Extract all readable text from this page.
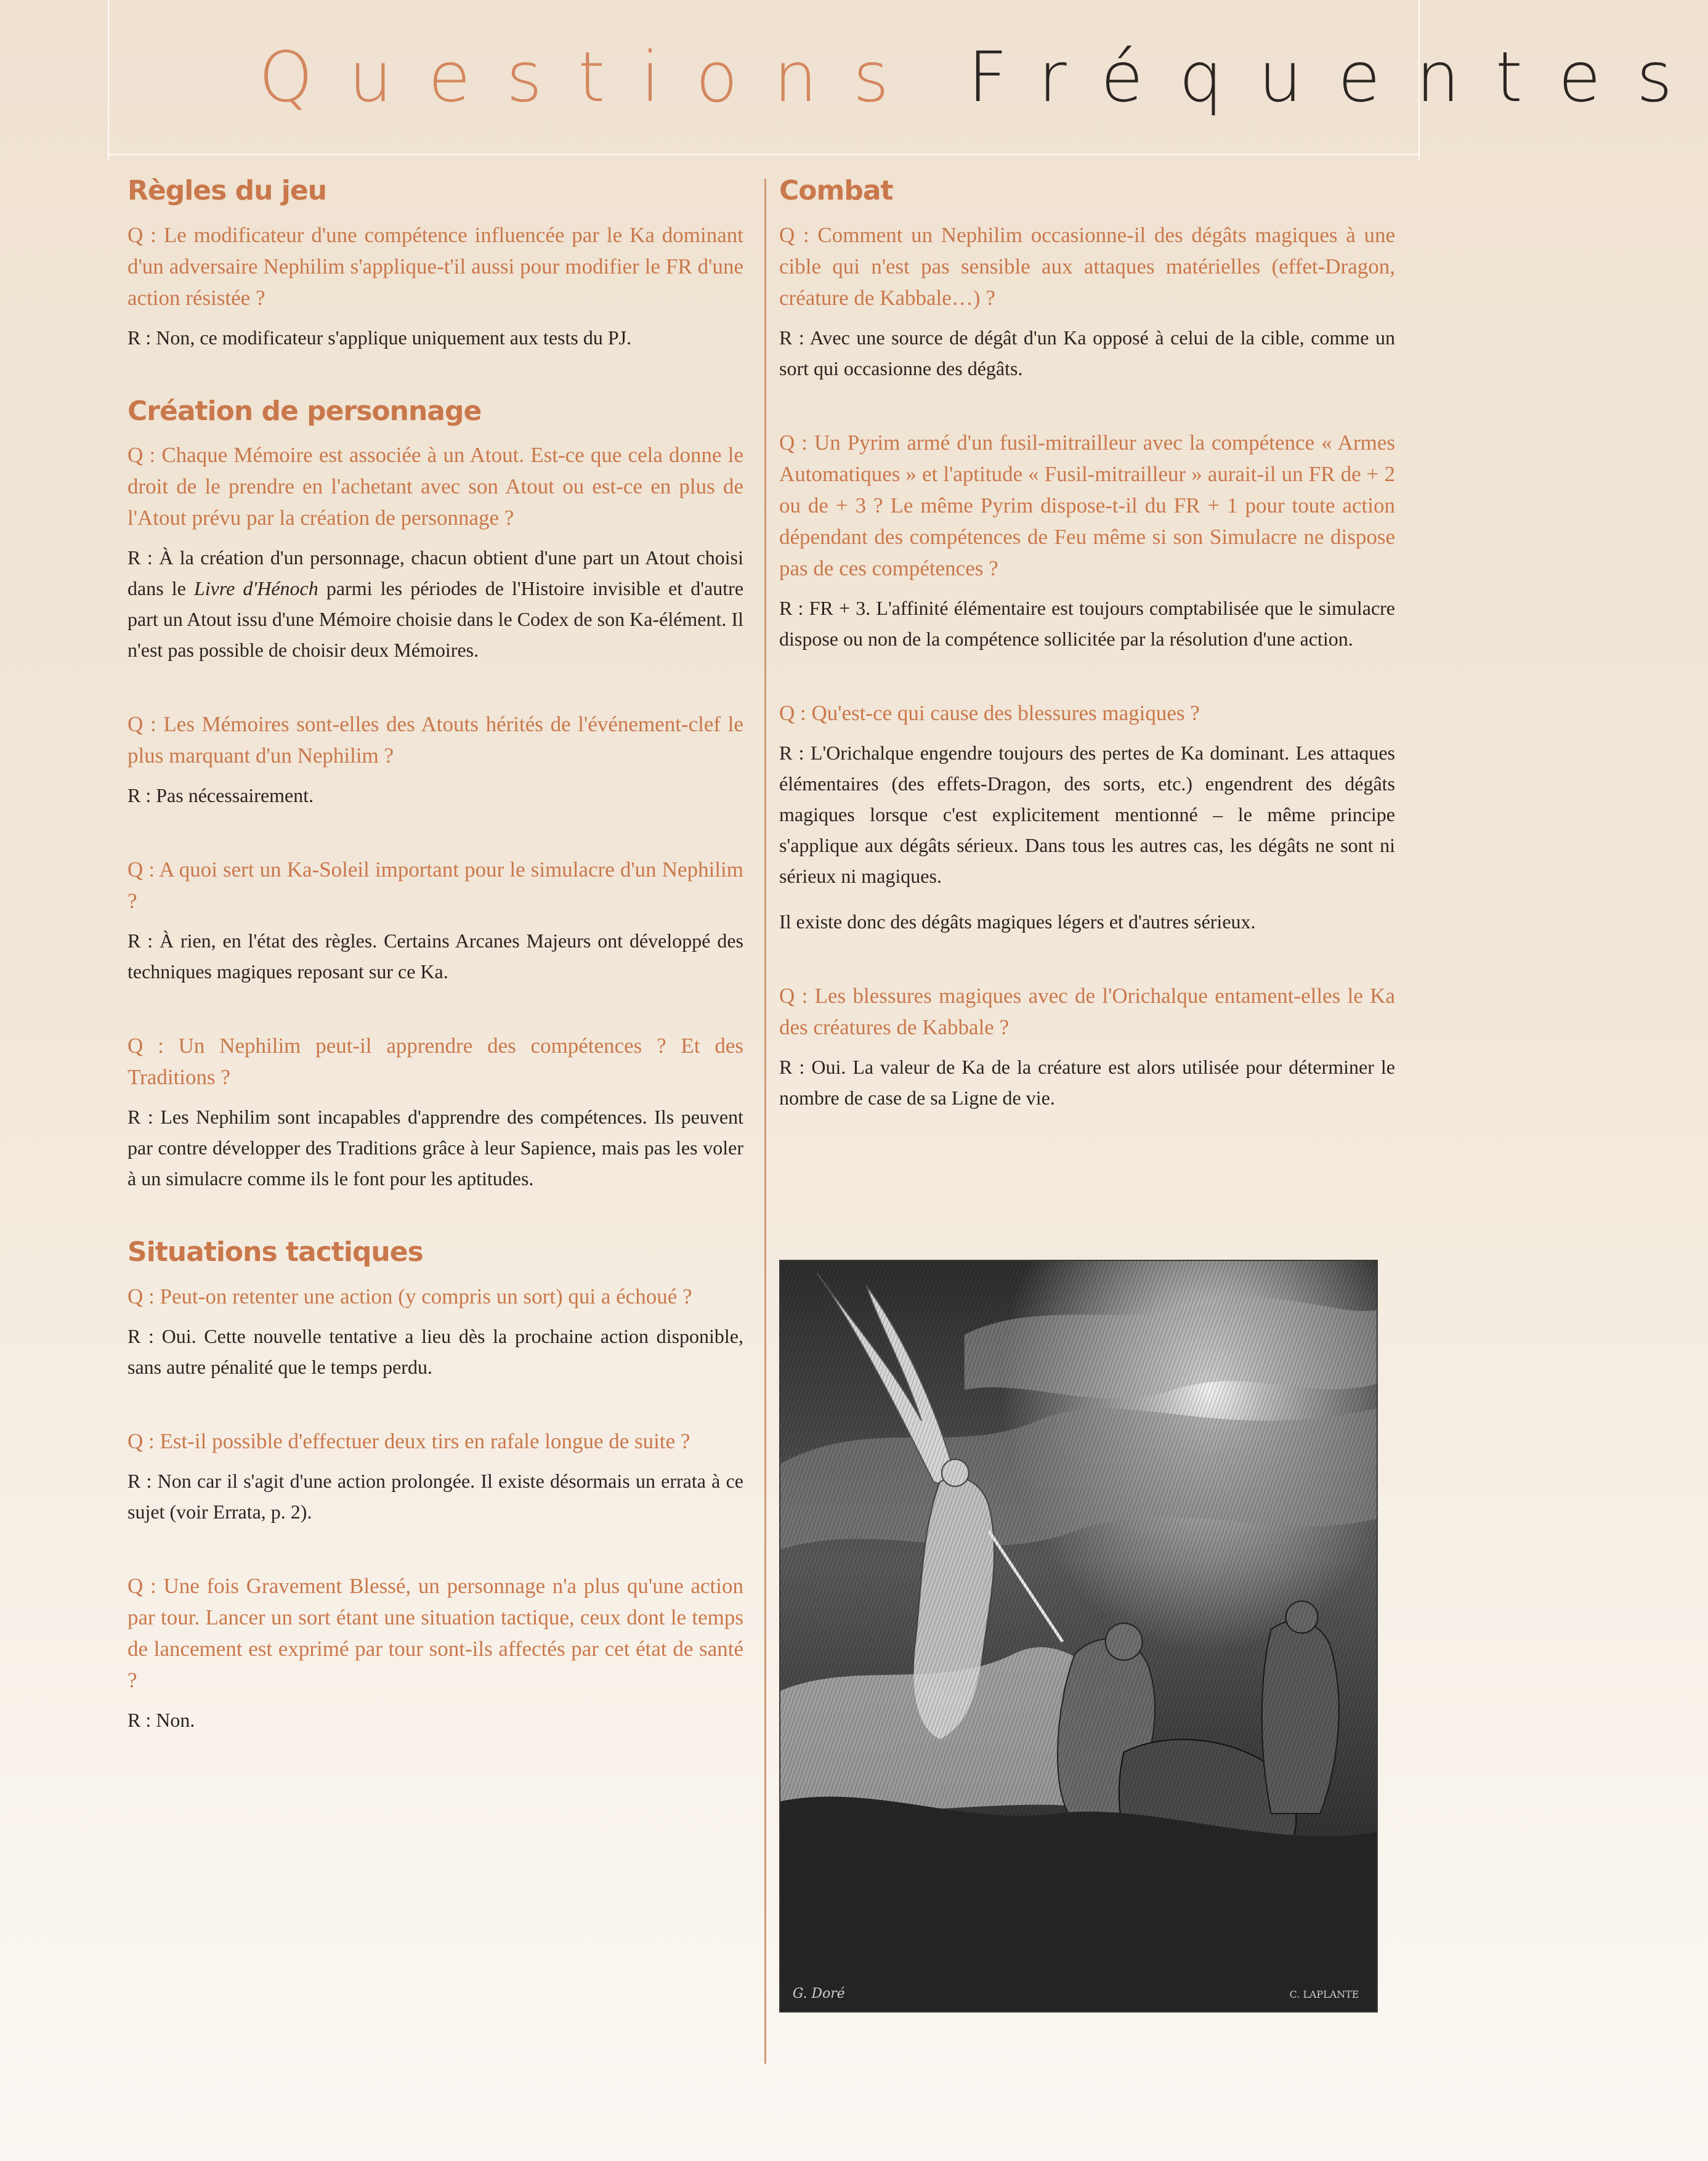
Questions Fréquentes
Règles du jeu

Q : Le modificateur d'une compétence influencée par le Ka dominant d'un adversaire Nephilim s'applique-t'il aussi pour modifier le FR d'une action résistée ?

R : Non, ce modificateur s'applique uniquement aux tests du PJ.

Création de personnage

Q : Chaque Mémoire est associée à un Atout. Est-ce que cela donne le droit de le prendre en l'achetant avec son Atout ou est-ce en plus de l'Atout prévu par la création de personnage ?

R : À la création d'un personnage, chacun obtient d'une part un Atout choisi dans le Livre d'Hénoch parmi les périodes de l'Histoire invisible et d'autre part un Atout issu d'une Mémoire choisie dans le Codex de son Ka-élément. Il n'est pas possible de choisir deux Mémoires.

Q : Les Mémoires sont-elles des Atouts hérités de l'événement-clef le plus marquant d'un Nephilim ?

R : Pas nécessairement.

Q : A quoi sert un Ka-Soleil important pour le simulacre d'un Nephilim ?

R : À rien, en l'état des règles. Certains Arcanes Majeurs ont développé des techniques magiques reposant sur ce Ka.

Q : Un Nephilim peut-il apprendre des compétences ? Et des Traditions ?

R : Les Nephilim sont incapables d'apprendre des compétences. Ils peuvent par contre développer des Traditions grâce à leur Sapience, mais pas les voler à un simulacre comme ils le font pour les aptitudes.

Situations tactiques

Q : Peut-on retenter une action (y compris un sort) qui a échoué ?

R : Oui. Cette nouvelle tentative a lieu dès la prochaine action disponible, sans autre pénalité que le temps perdu.

Q : Est-il possible d'effectuer deux tirs en rafale longue de suite ?

R : Non car il s'agit d'une action prolongée. Il existe désormais un errata à ce sujet (voir Errata, p. 2).

Q : Une fois Gravement Blessé, un personnage n'a plus qu'une action par tour. Lancer un sort étant une situation tactique, ceux dont le temps de lancement est exprimé par tour sont-ils affectés par cet état de santé ?

R : Non.

Combat

Q : Comment un Nephilim occasionne-il des dégâts magiques à une cible qui n'est pas sensible aux attaques matérielles (effet-Dragon, créature de Kabbale…) ?

R : Avec une source de dégât d'un Ka opposé à celui de la cible, comme un sort qui occasionne des dégâts.

Q : Un Pyrim armé d'un fusil-mitrailleur avec la compétence « Armes Automatiques » et l'aptitude « Fusil-mitrailleur » aurait-il un FR de + 2 ou de + 3 ? Le même Pyrim dispose-t-il du FR + 1 pour toute action dépendant des compétences de Feu même si son Simulacre ne dispose pas de ces compétences ?

R : FR + 3. L'affinité élémentaire est toujours comptabilisée que le simulacre dispose ou non de la compétence sollicitée par la résolution d'une action.

Q : Qu'est-ce qui cause des blessures magiques ?

R : L'Orichalque engendre toujours des pertes de Ka dominant. Les attaques élémentaires (des effets-Dragon, des sorts, etc.) engendrent des dégâts magiques lorsque c'est explicitement mentionné – le même principe s'applique aux dégâts sérieux. Dans tous les autres cas, les dégâts ne sont ni sérieux ni magiques.

Il existe donc des dégâts magiques légers et d'autres sérieux.

Q : Les blessures magiques avec de l'Orichalque entament-elles le Ka des créatures de Kabbale ?

R : Oui. La valeur de Ka de la créature est alors utilisée pour déterminer le nombre de case de sa Ligne de vie.

G. Doré	C. LAPLANTE
